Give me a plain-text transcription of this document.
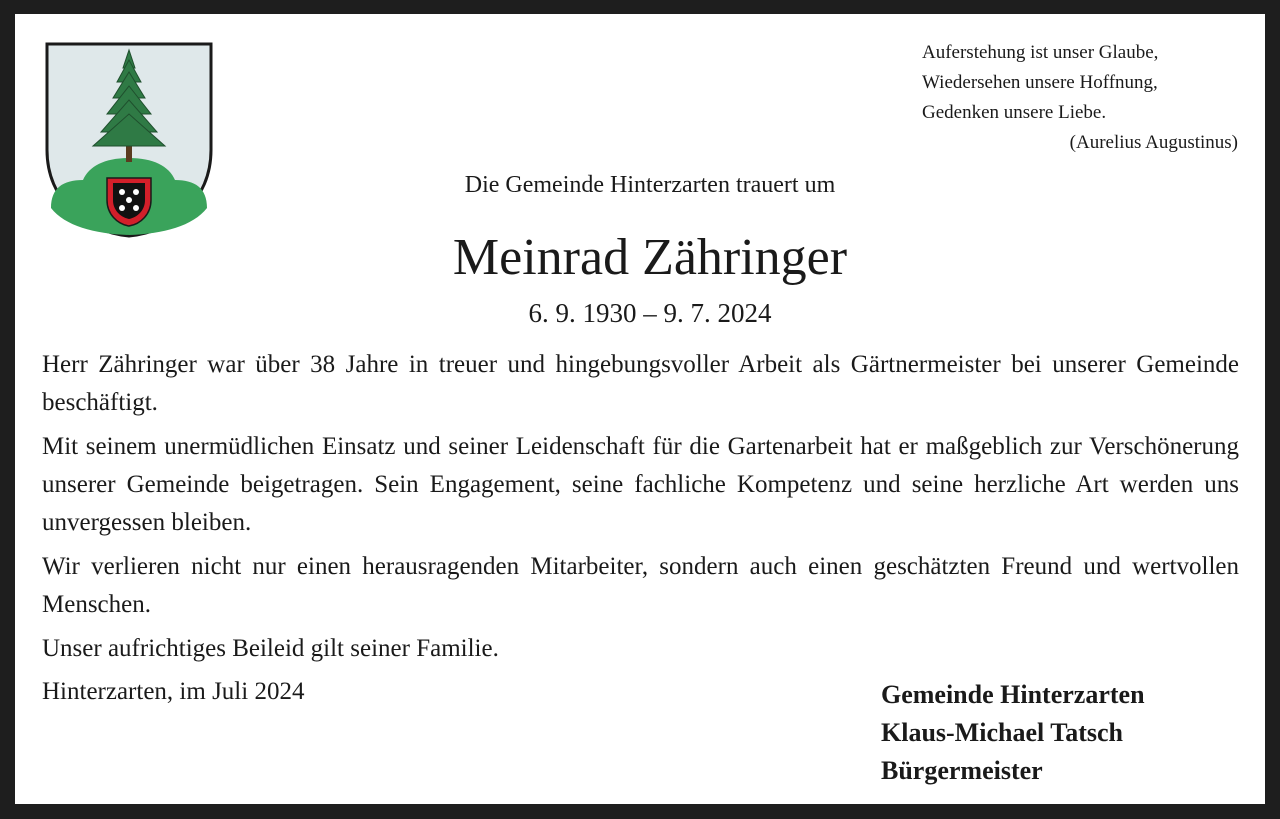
Auferstehung ist unser Glaube,
Wiedersehen unsere Hoffnung,
Gedenken unsere Liebe.
(Aurelius Augustinus)
Die Gemeinde Hinterzarten trauert um
Meinrad Zähringer
6. 9. 1930 – 9. 7. 2024

Herr Zähringer war über 38 Jahre in treuer und hingebungsvoller Arbeit als Gärtnermeister bei unserer Gemeinde beschäftigt.

Mit seinem unermüdlichen Einsatz und seiner Leidenschaft für die Gartenarbeit hat er maßgeblich zur Verschönerung unserer Gemeinde beigetragen. Sein Engagement, seine fachliche Kompetenz und seine herzliche Art werden uns unvergessen bleiben.

Wir verlieren nicht nur einen herausragenden Mitarbeiter, sondern auch einen geschätzten Freund und wertvollen Menschen.

Unser aufrichtiges Beileid gilt seiner Familie.

Hinterzarten, im Juli 2024	Gemeinde Hinterzarten
Klaus-Michael Tatsch
Bürgermeister
